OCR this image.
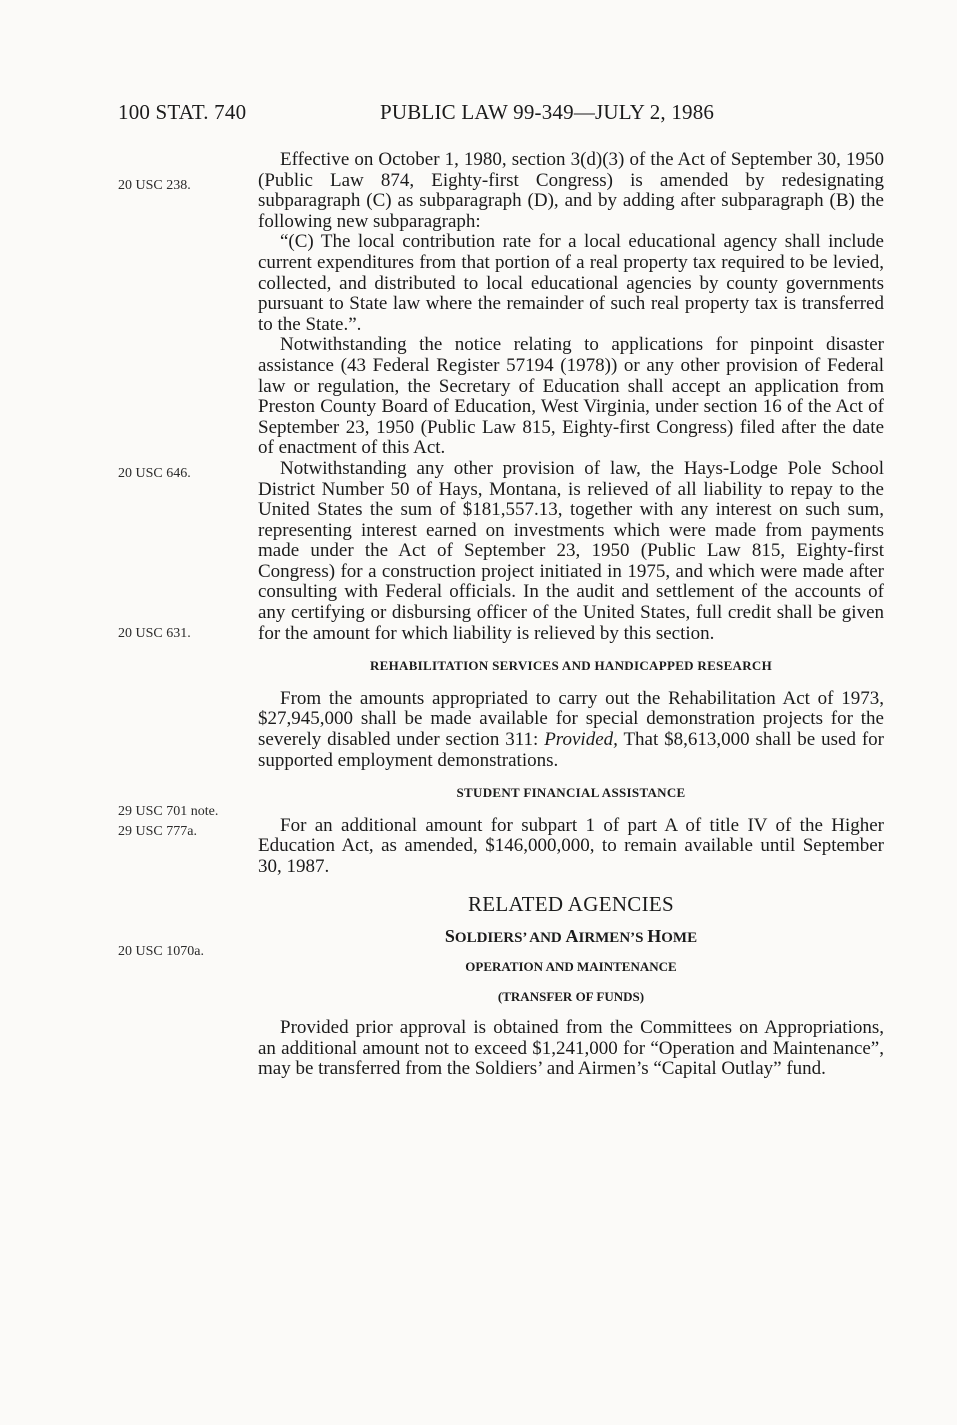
100 STAT. 740	PUBLIC LAW 99-349—JULY 2, 1986
20 USC 238.
20 USC 646.
20 USC 631.
29 USC 701 note.
29 USC 777a.
20 USC 1070a.

Effective on October 1, 1980, section 3(d)(3) of the Act of September 30, 1950 (Public Law 874, Eighty-first Congress) is amended by redesignating subparagraph (C) as subparagraph (D), and by adding after subparagraph (B) the following new subparagraph:

“(C) The local contribution rate for a local educational agency shall include current expenditures from that portion of a real property tax required to be levied, collected, and distributed to local educational agencies by county governments pursuant to State law where the remainder of such real property tax is transferred to the State.”.

Notwithstanding the notice relating to applications for pinpoint disaster assistance (43 Federal Register 57194 (1978)) or any other provision of Federal law or regulation, the Secretary of Education shall accept an application from Preston County Board of Education, West Virginia, under section 16 of the Act of September 23, 1950 (Public Law 815, Eighty-first Congress) filed after the date of enactment of this Act.

Notwithstanding any other provision of law, the Hays-Lodge Pole School District Number 50 of Hays, Montana, is relieved of all liability to repay to the United States the sum of $181,557.13, together with any interest on such sum, representing interest earned on investments which were made from payments made under the Act of September 23, 1950 (Public Law 815, Eighty-first Congress) for a construction project initiated in 1975, and which were made after consulting with Federal officials. In the audit and settlement of the accounts of any certifying or disbursing officer of the United States, full credit shall be given for the amount for which liability is relieved by this section.

REHABILITATION SERVICES AND HANDICAPPED RESEARCH

From the amounts appropriated to carry out the Rehabilitation Act of 1973, $27,945,000 shall be made available for special demonstration projects for the severely disabled under section 311: Provided, That $8,613,000 shall be used for supported employment demonstrations.

STUDENT FINANCIAL ASSISTANCE

For an additional amount for subpart 1 of part A of title IV of the Higher Education Act, as amended, $146,000,000, to remain available until September 30, 1987.

RELATED AGENCIES
SOLDIERS’ AND AIRMEN’S HOME
OPERATION AND MAINTENANCE
(TRANSFER OF FUNDS)

Provided prior approval is obtained from the Committees on Appropriations, an additional amount not to exceed $1,241,000 for “Operation and Maintenance”, may be transferred from the Soldiers’ and Airmen’s “Capital Outlay” fund.
